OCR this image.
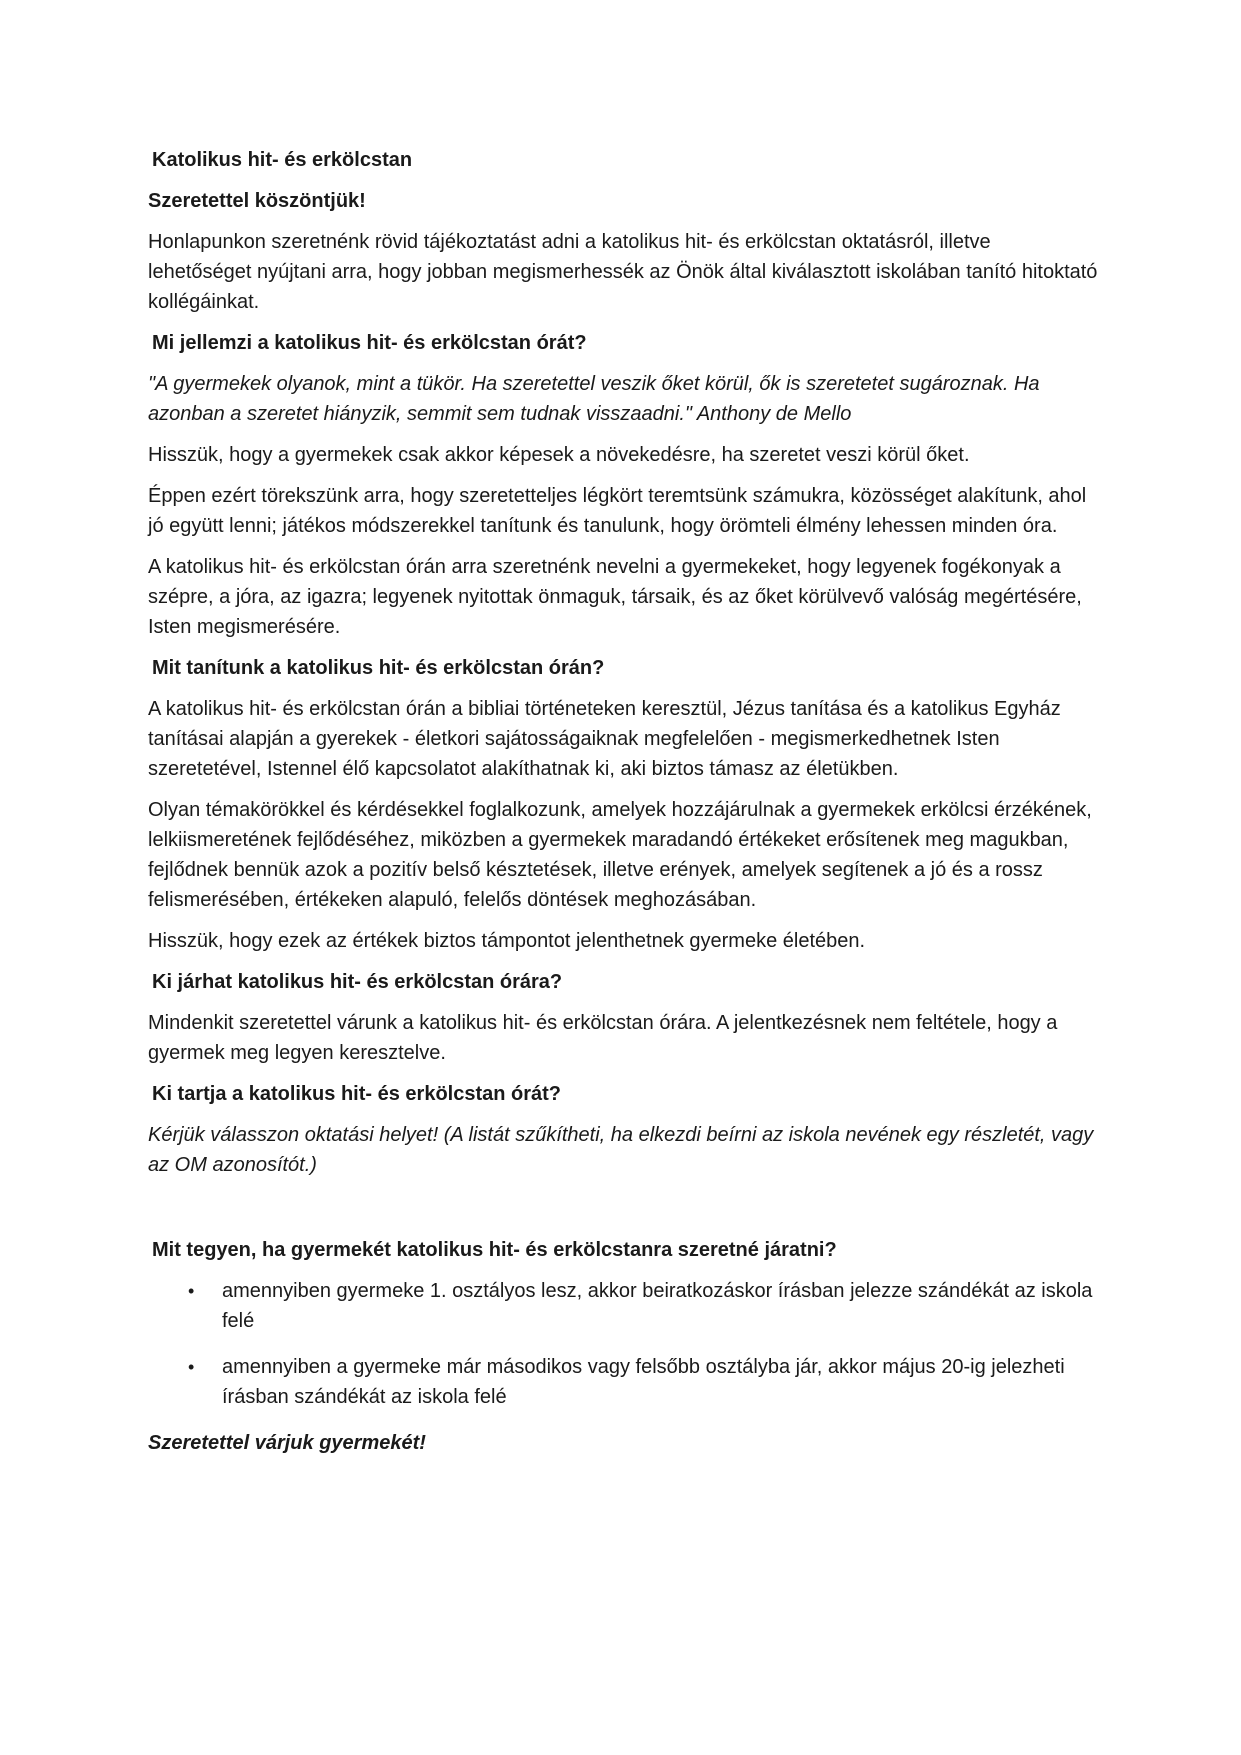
Katolikus hit- és erkölcstan
Szeretettel köszöntjük!

Honlapunkon szeretnénk rövid tájékoztatást adni a katolikus hit- és erkölcstan oktatásról, illetve lehetőséget nyújtani arra, hogy jobban megismerhessék az Önök által kiválasztott iskolában tanító hitoktató kollégáinkat.

Mi jellemzi a katolikus hit- és erkölcstan órát?

"A gyermekek olyanok, mint a tükör. Ha szeretettel veszik őket körül, ők is szeretetet sugároznak. Ha azonban a szeretet hiányzik, semmit sem tudnak visszaadni." Anthony de Mello

Hisszük, hogy a gyermekek csak akkor képesek a növekedésre, ha szeretet veszi körül őket.

Éppen ezért törekszünk arra, hogy szeretetteljes légkört teremtsünk számukra, közösséget alakítunk, ahol jó együtt lenni; játékos módszerekkel tanítunk és tanulunk, hogy örömteli élmény lehessen minden óra.

A katolikus hit- és erkölcstan órán arra szeretnénk nevelni a gyermekeket, hogy legyenek fogékonyak a szépre, a jóra, az igazra; legyenek nyitottak önmaguk, társaik, és az őket körülvevő valóság megértésére, Isten megismerésére.

Mit tanítunk a katolikus hit- és erkölcstan órán?

A katolikus hit- és erkölcstan órán a bibliai történeteken keresztül, Jézus tanítása és a katolikus Egyház tanításai alapján a gyerekek - életkori sajátosságaiknak megfelelően - megismerkedhetnek Isten szeretetével, Istennel élő kapcsolatot alakíthatnak ki, aki biztos támasz az életükben.

Olyan témakörökkel és kérdésekkel foglalkozunk, amelyek hozzájárulnak a gyermekek erkölcsi érzékének, lelkiismeretének fejlődéséhez, miközben a gyermekek maradandó értékeket erősítenek meg magukban, fejlődnek bennük azok a pozitív belső késztetések, illetve erények, amelyek segítenek a jó és a rossz felismerésében, értékeken alapuló, felelős döntések meghozásában.

Hisszük, hogy ezek az értékek biztos támpontot jelenthetnek gyermeke életében.

Ki járhat katolikus hit- és erkölcstan órára?

Mindenkit szeretettel várunk a katolikus hit- és erkölcstan órára. A jelentkezésnek nem feltétele, hogy a gyermek meg legyen keresztelve.

Ki tartja a katolikus hit- és erkölcstan órát?

Kérjük válasszon oktatási helyet! (A listát szűkítheti, ha elkezdi beírni az iskola nevének egy részletét, vagy az OM azonosítót.)

Mit tegyen, ha gyermekét katolikus hit- és erkölcstanra szeretné járatni?
• amennyiben gyermeke 1. osztályos lesz, akkor beiratkozáskor írásban jelezze szándékát az iskola felé
• amennyiben a gyermeke már másodikos vagy felsőbb osztályba jár, akkor május 20-ig jelezheti írásban szándékát az iskola felé

Szeretettel várjuk gyermekét!
